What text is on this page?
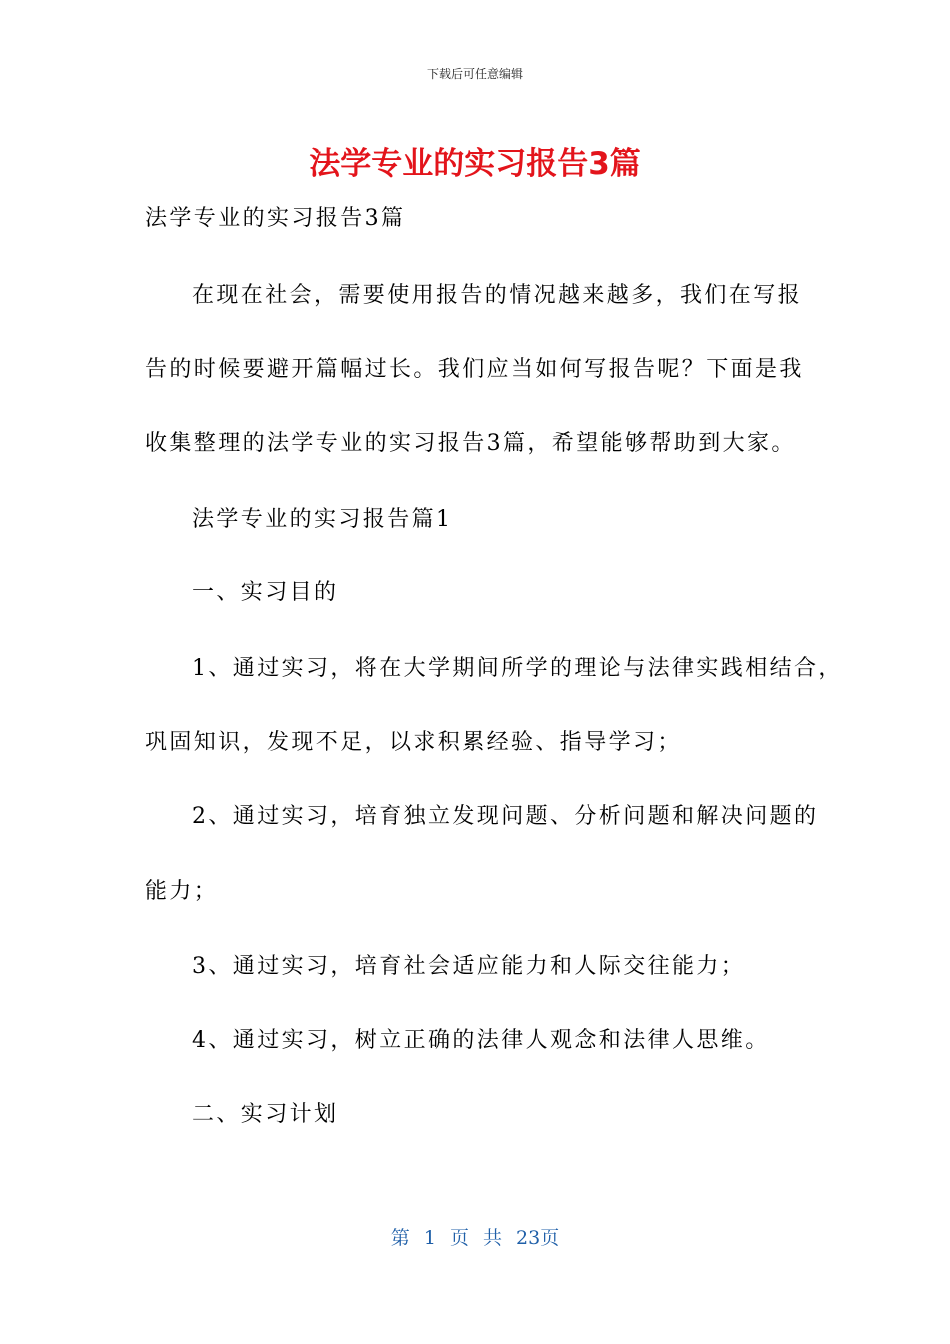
下载后可任意编辑
法学专业的实习报告3篇
法学专业的实习报告3篇
在现在社会，需要使用报告的情况越来越多，我们在写报
告的时候要避开篇幅过长。我们应当如何写报告呢？下面是我
收集整理的法学专业的实习报告3篇，希望能够帮助到大家。
法学专业的实习报告篇1
一、实习目的
1、通过实习，将在大学期间所学的理论与法律实践相结合，
巩固知识，发现不足，以求积累经验、指导学习；
2、通过实习，培育独立发现问题、分析问题和解决问题的
能力；
3、通过实习，培育社会适应能力和人际交往能力；
4、通过实习，树立正确的法律人观念和法律人思维。
二、实习计划
第 1 页 共 23页
